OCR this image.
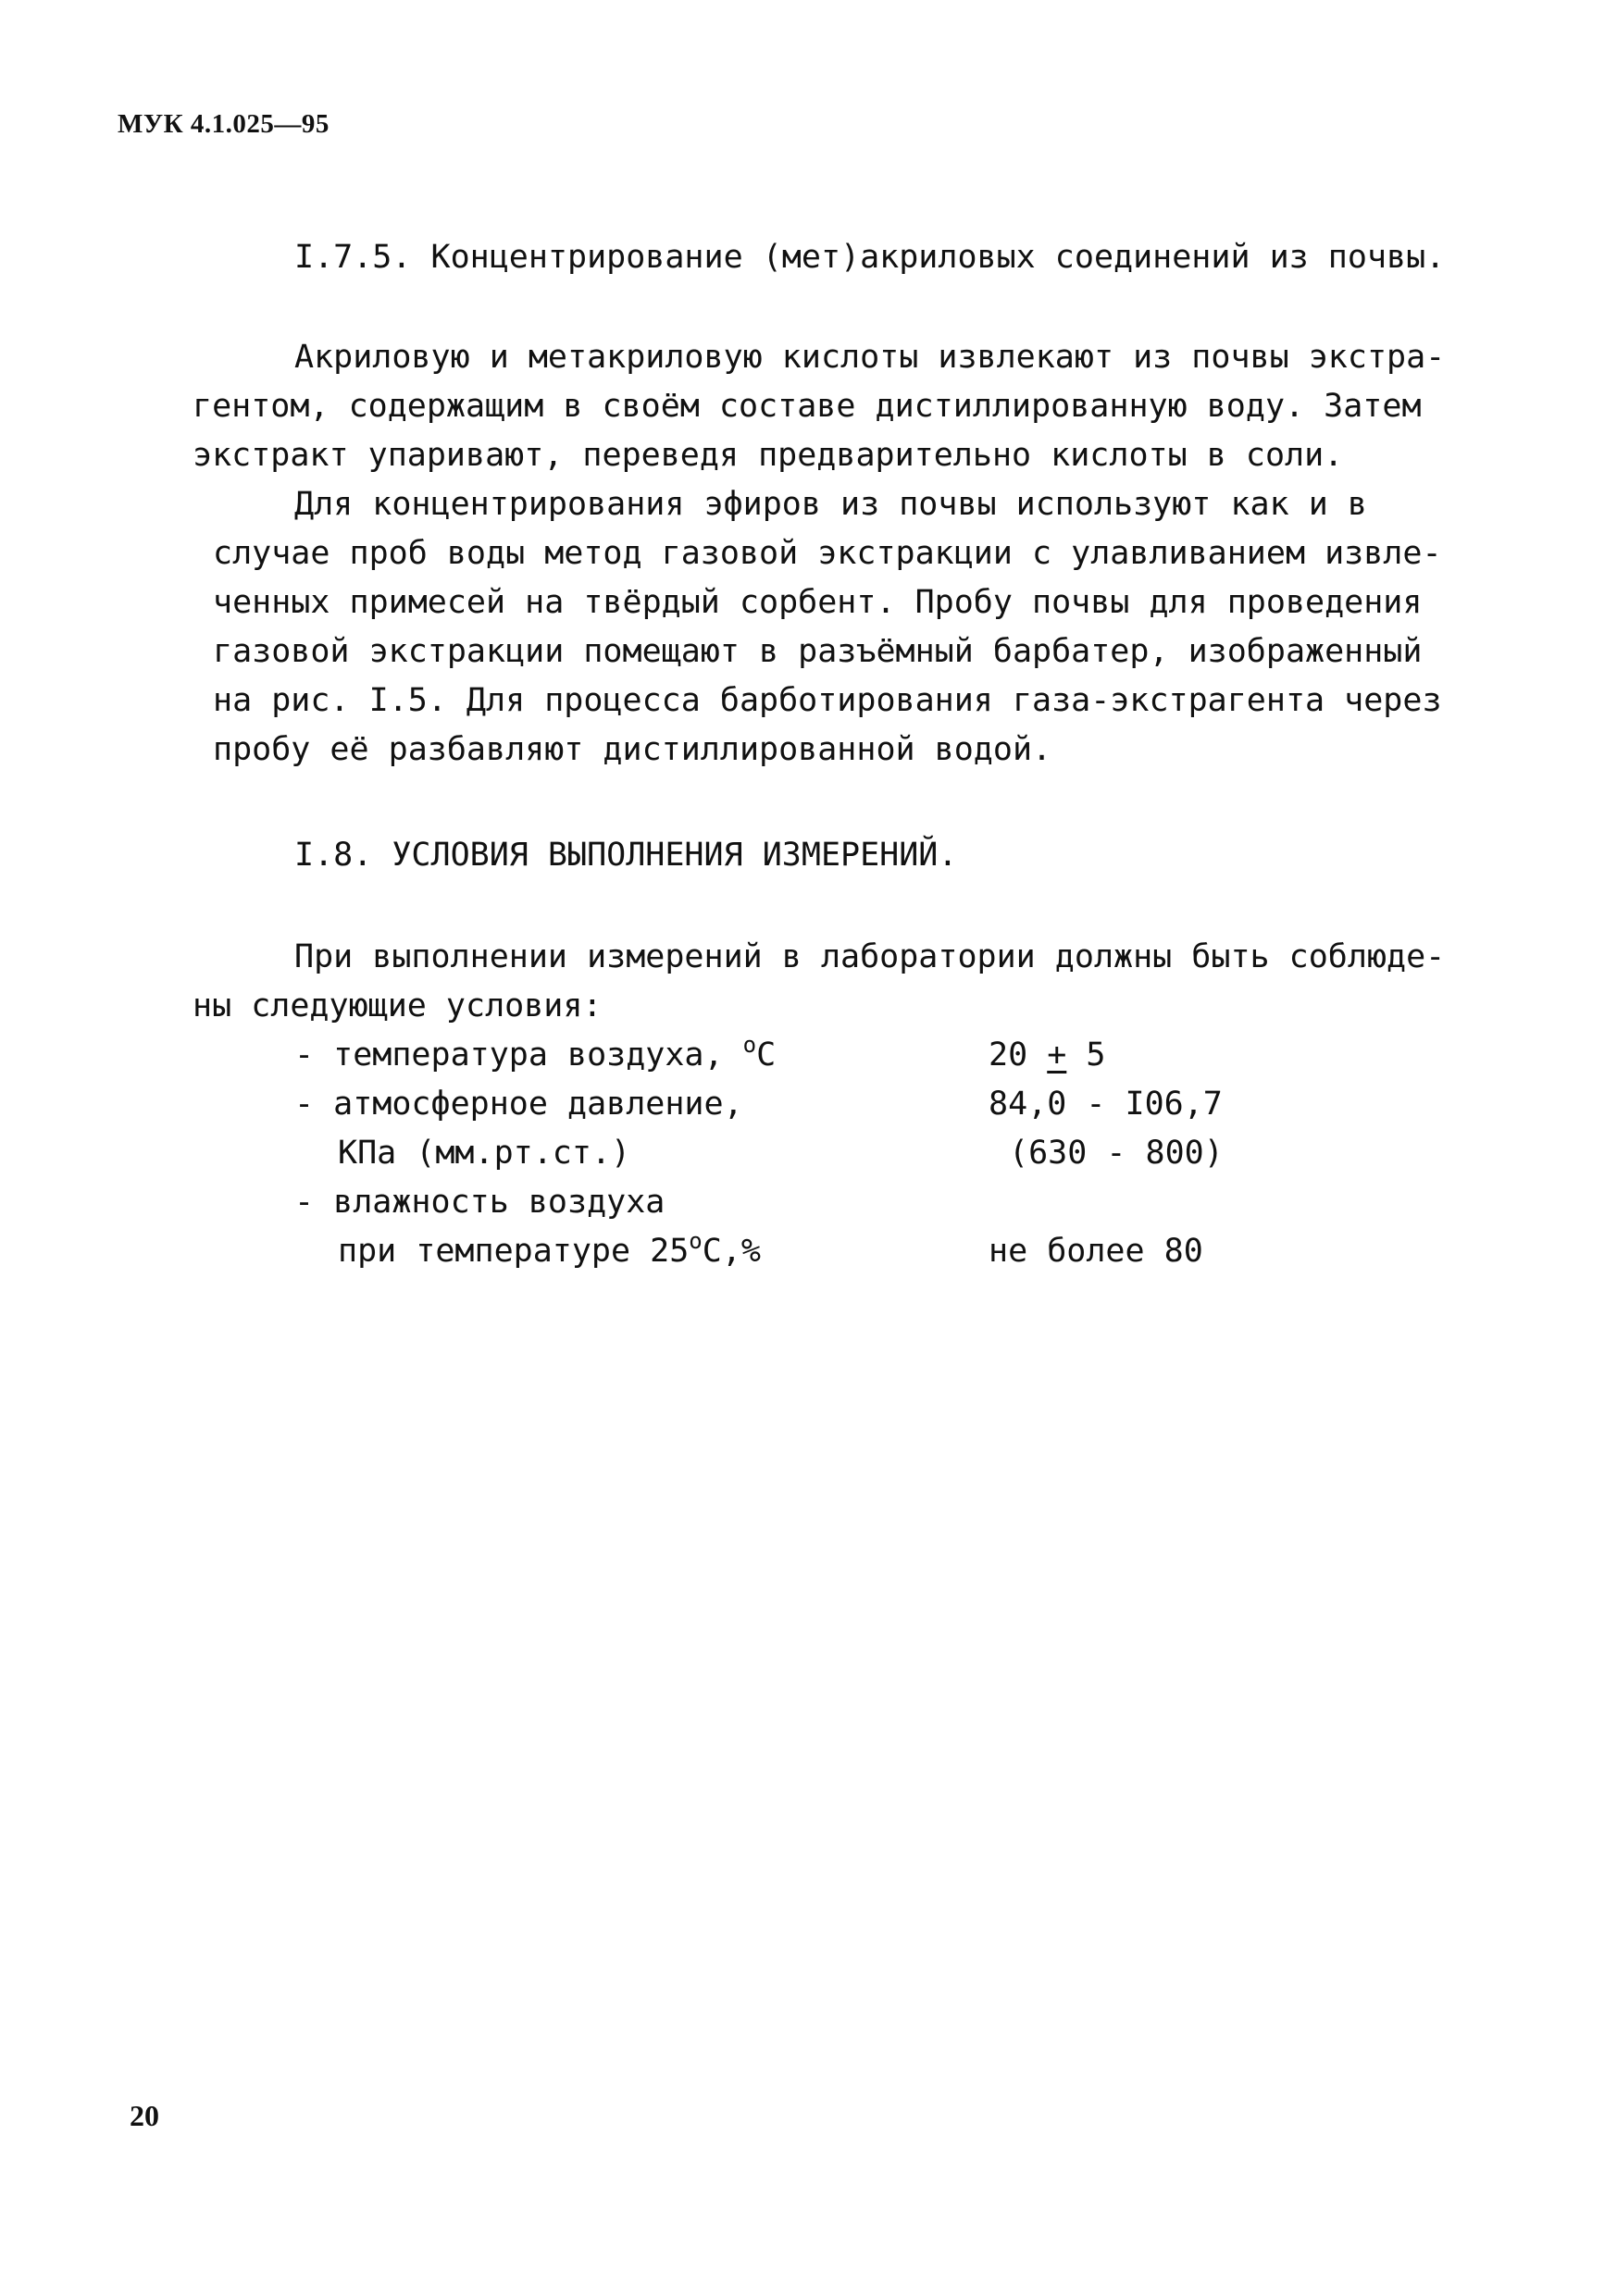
МУК 4.1.025—95
I.7.5. Концентрирование (мет)акриловых соединений из почвы.
Акриловую и метакриловую кислоты извлекают из почвы экстра-
гентом, содержащим в своём составе дистиллированную воду. Затем
экстракт упаривают, переведя предварительно кислоты в соли.
Для концентрирования эфиров из почвы используют как и в
случае проб воды метод газовой экстракции с улавливанием извле-
ченных примесей на твёрдый сорбент. Пробу почвы для проведения
газовой экстракции помещают в разъёмный барбатер, изображенный
на рис. I.5. Для процесса барботирования газа-экстрагента через
пробу её разбавляют дистиллированной водой.
I.8. УСЛОВИЯ ВЫПОЛНЕНИЯ ИЗМЕРЕНИЙ.
При выполнении измерений в лаборатории должны быть соблюде-
ны следующие условия:
- температура воздуха, $^о$С	20 + 5
- атмосферное давление,	84,0 - I06,7
КПа (мм.рт.ст.)	(630 - 800)
- влажность воздуха
при температуре $25^оС,\%$	не более 80
20
